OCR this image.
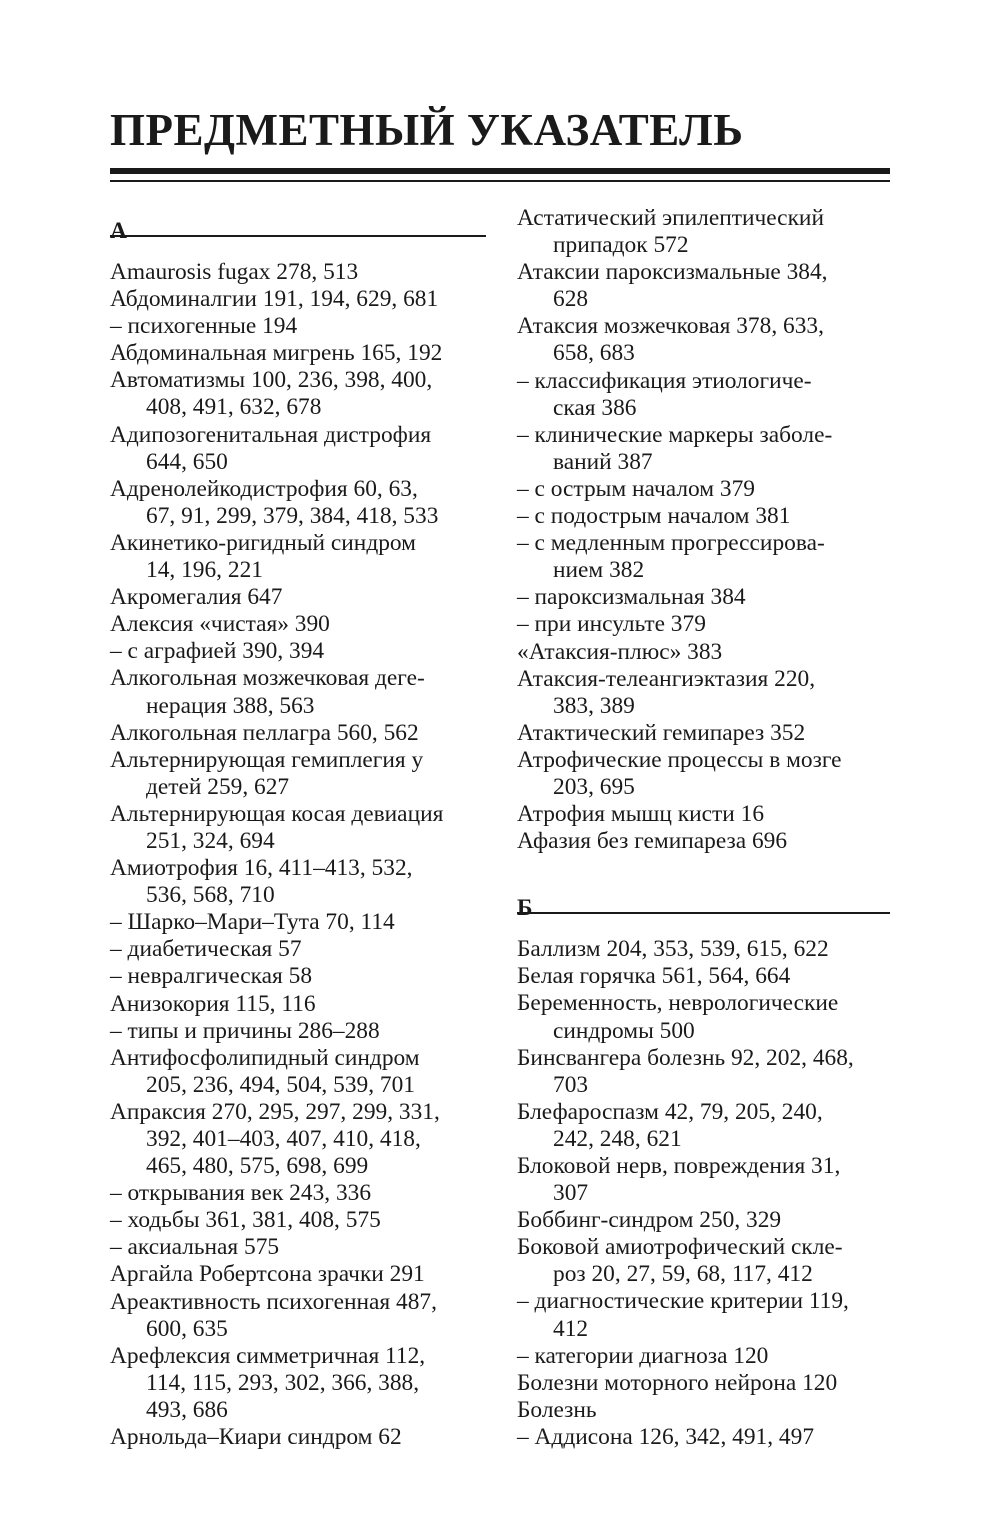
ПРЕДМЕТНЫЙ УКАЗАТЕЛЬ
А

Amaurosis fugax 278, 513

Абдоминалгии 191, 194, 629, 681

– психогенные 194

Абдоминальная мигрень 165, 192

Автоматизмы 100, 236, 398, 400,

408, 491, 632, 678

Адипозогенитальная дистрофия

644, 650

Адренолейкодистрофия 60, 63,

67, 91, 299, 379, 384, 418, 533

Акинетико-ригидный синдром

14, 196, 221

Акромегалия 647

Алексия «чистая» 390

– с аграфией 390, 394

Алкогольная мозжечковая деге-

нерация 388, 563

Алкогольная пеллагра 560, 562

Альтернирующая гемиплегия у

детей 259, 627

Альтернирующая косая девиация

251, 324, 694

Амиотрофия 16, 411–413, 532,

536, 568, 710

– Шарко–Мари–Тута 70, 114

– диабетическая 57

– невралгическая 58

Анизокория 115, 116

– типы и причины 286–288

Антифосфолипидный синдром

205, 236, 494, 504, 539, 701

Апраксия 270, 295, 297, 299, 331,

392, 401–403, 407, 410, 418,

465, 480, 575, 698, 699

– открывания век 243, 336

– ходьбы 361, 381, 408, 575

– аксиальная 575

Аргайла Робертсона зрачки 291

Ареактивность психогенная 487,

600, 635

Арефлексия симметричная 112,

114, 115, 293, 302, 366, 388,

493, 686

Арнольда–Киари синдром 62

Астатический эпилептический

припадок 572

Атаксии пароксизмальные 384,

628

Атаксия мозжечковая 378, 633,

658, 683

– классификация этиологиче-

ская 386

– клинические маркеры заболе-

ваний 387

– с острым началом 379

– с подострым началом 381

– с медленным прогрессирова-

нием 382

– пароксизмальная 384

– при инсульте 379

«Атаксия-плюс» 383

Атаксия-телеангиэктазия 220,

383, 389

Атактический гемипарез 352

Атрофические процессы в мозге

203, 695

Атрофия мышц кисти 16

Афазия без гемипареза 696

Б

Баллизм 204, 353, 539, 615, 622

Белая горячка 561, 564, 664

Беременность, неврологические

синдромы 500

Бинсвангера болезнь 92, 202, 468,

703

Блефароспазм 42, 79, 205, 240,

242, 248, 621

Блоковой нерв, повреждения 31,

307

Боббинг-синдром 250, 329

Боковой амиотрофический скле-

роз 20, 27, 59, 68, 117, 412

– диагностические критерии 119,

412

– категории диагноза 120

Болезни моторного нейрона 120

Болезнь

– Аддисона 126, 342, 491, 497
